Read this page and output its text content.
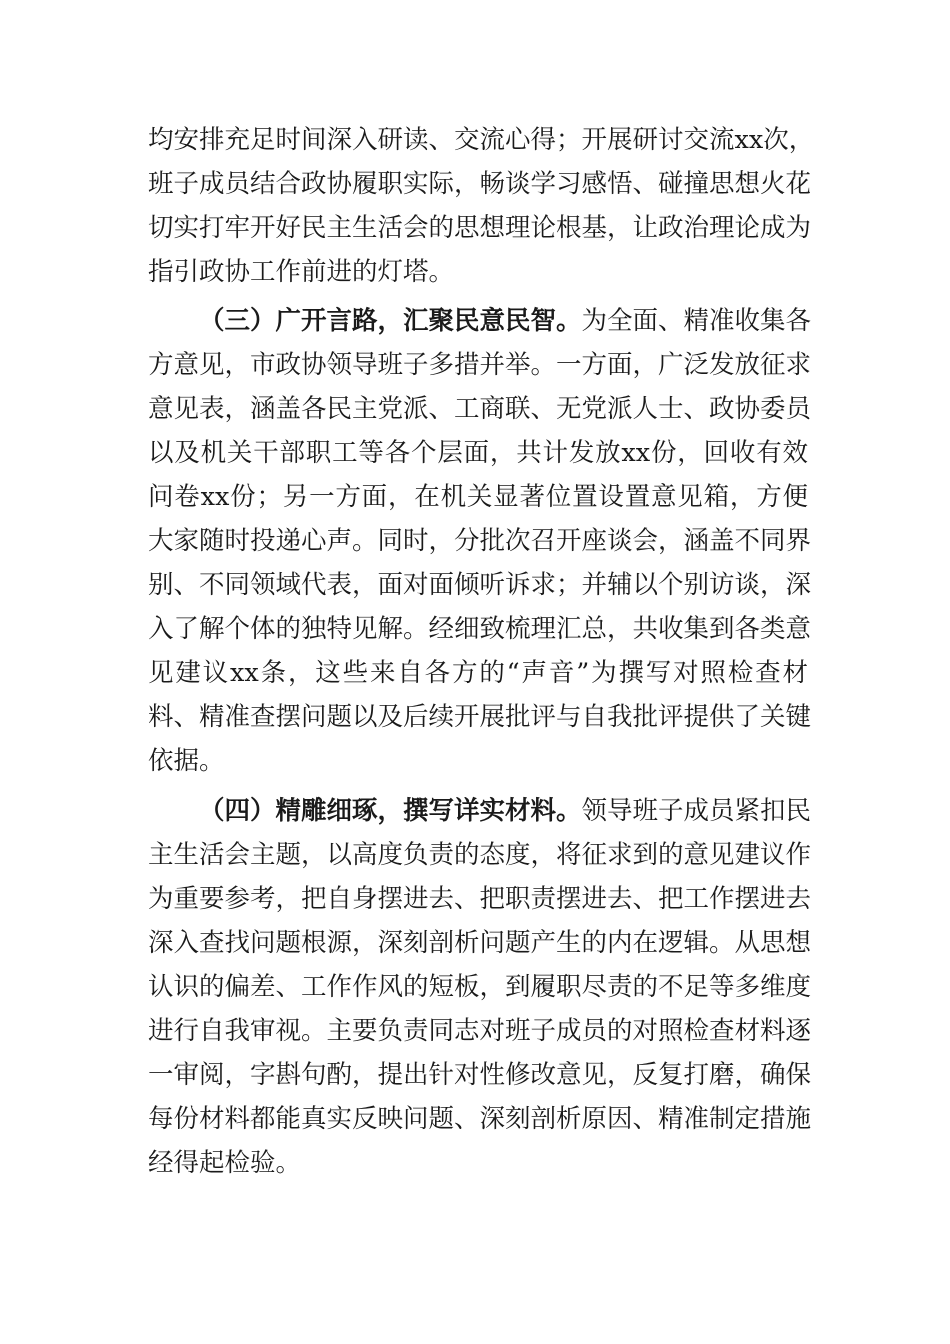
均安排充足时间深入研读、交流心得；开展研讨交流xx次，
班子成员结合政协履职实际，畅谈学习感悟、碰撞思想火花
切实打牢开好民主生活会的思想理论根基，让政治理论成为
指引政协工作前进的灯塔。
（三）广开言路，汇聚民意民智。为全面、精准收集各
方意见，市政协领导班子多措并举。一方面，广泛发放征求
意见表，涵盖各民主党派、工商联、无党派人士、政协委员
以及机关干部职工等各个层面，共计发放xx份，回收有效
问卷xx份；另一方面，在机关显著位置设置意见箱，方便
大家随时投递心声。同时，分批次召开座谈会，涵盖不同界
别、不同领域代表，面对面倾听诉求；并辅以个别访谈，深
入了解个体的独特见解。经细致梳理汇总，共收集到各类意
见建议xx条，这些来自各方的“声音”为撰写对照检查材
料、精准查摆问题以及后续开展批评与自我批评提供了关键
依据。
（四）精雕细琢，撰写详实材料。领导班子成员紧扣民
主生活会主题，以高度负责的态度，将征求到的意见建议作
为重要参考，把自身摆进去、把职责摆进去、把工作摆进去
深入查找问题根源，深刻剖析问题产生的内在逻辑。从思想
认识的偏差、工作作风的短板，到履职尽责的不足等多维度
进行自我审视。主要负责同志对班子成员的对照检查材料逐
一审阅，字斟句酌，提出针对性修改意见，反复打磨，确保
每份材料都能真实反映问题、深刻剖析原因、精准制定措施
经得起检验。
